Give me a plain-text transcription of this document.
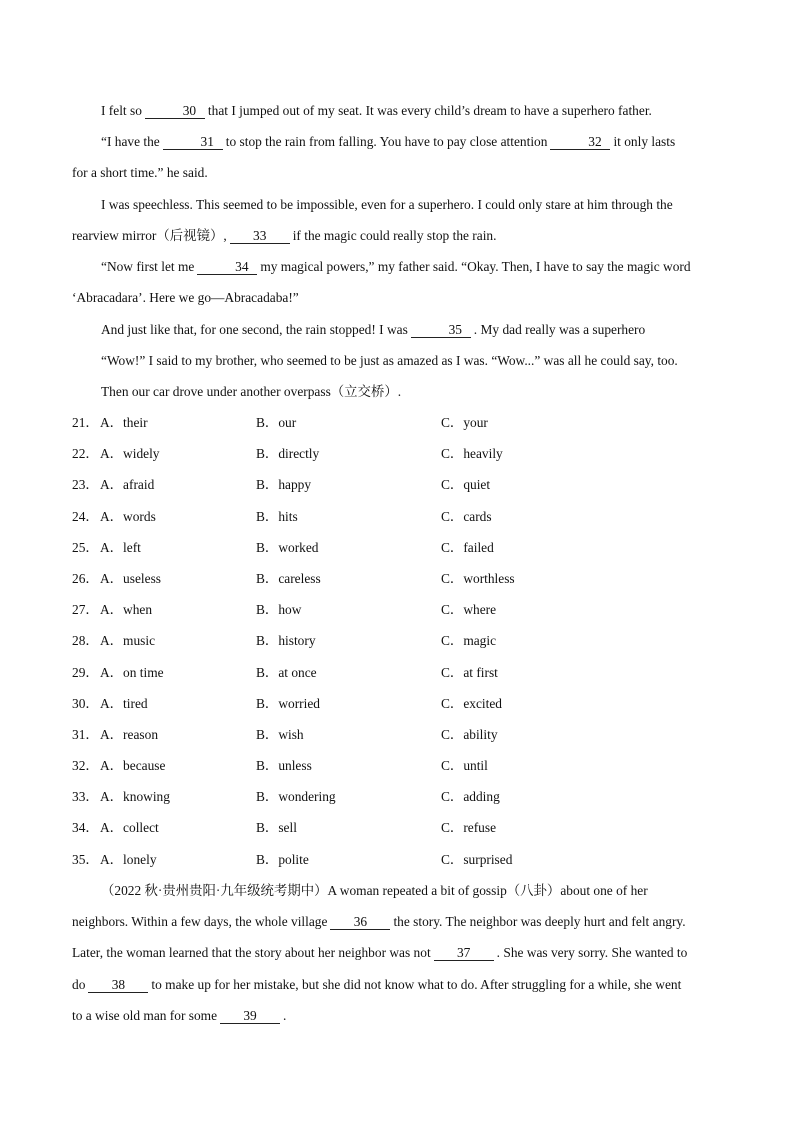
I felt so	30 that I jumped out of my seat. It was every child’s dream to have a superhero father.
“I have the	31 to stop the rain from falling. You have to pay close attention	32 it only lasts
for a short time.” he said.
I was speechless. This seemed to be impossible, even for a superhero. I could only stare at him through the
rearview mirror（后视镜）, 33 if the magic could really stop the rain.
“Now first let me	34 my magical powers,” my father said. “Okay. Then, I have to say the magic word
‘Abracadara’. Here we go—Abracadaba!”
And just like that, for one second, the rain stopped! I was	35 . My dad really was a superhero
“Wow!” I said to my brother, who seemed to be just as amazed as I was. “Wow...” was all he could say, too.
Then our car drove under another overpass（立交桥）.
21． A．their	B．our	C．your
22． A．widely	B．directly	C．heavily
23． A．afraid	B．happy	C．quiet
24． A．words	B．hits	C．cards
25． A．left	B．worked	C．failed
26． A．useless	B．careless	C．worthless
27． A．when	B．how	C．where
28． A．music	B．history	C．magic
29． A．on time	B．at once	C．at first
30． A．tired	B．worried	C．excited
31． A．reason	B．wish	C．ability
32． A．because	B．unless	C．until
33． A．knowing	B．wondering	C．adding
34． A．collect	B．sell	C．refuse
35． A．lonely	B．polite	C．surprised
（2022 秋·贵州贵阳·九年级统考期中）A woman repeated a bit of gossip（八卦）about one of her
neighbors. Within a few days, the whole village 36 the story. The neighbor was deeply hurt and felt angry.
Later, the woman learned that the story about her neighbor was not 37 . She was very sorry. She wanted to
do 38 to make up for her mistake, but she did not know what to do. After struggling for a while, she went
to a wise old man for some 39 .
